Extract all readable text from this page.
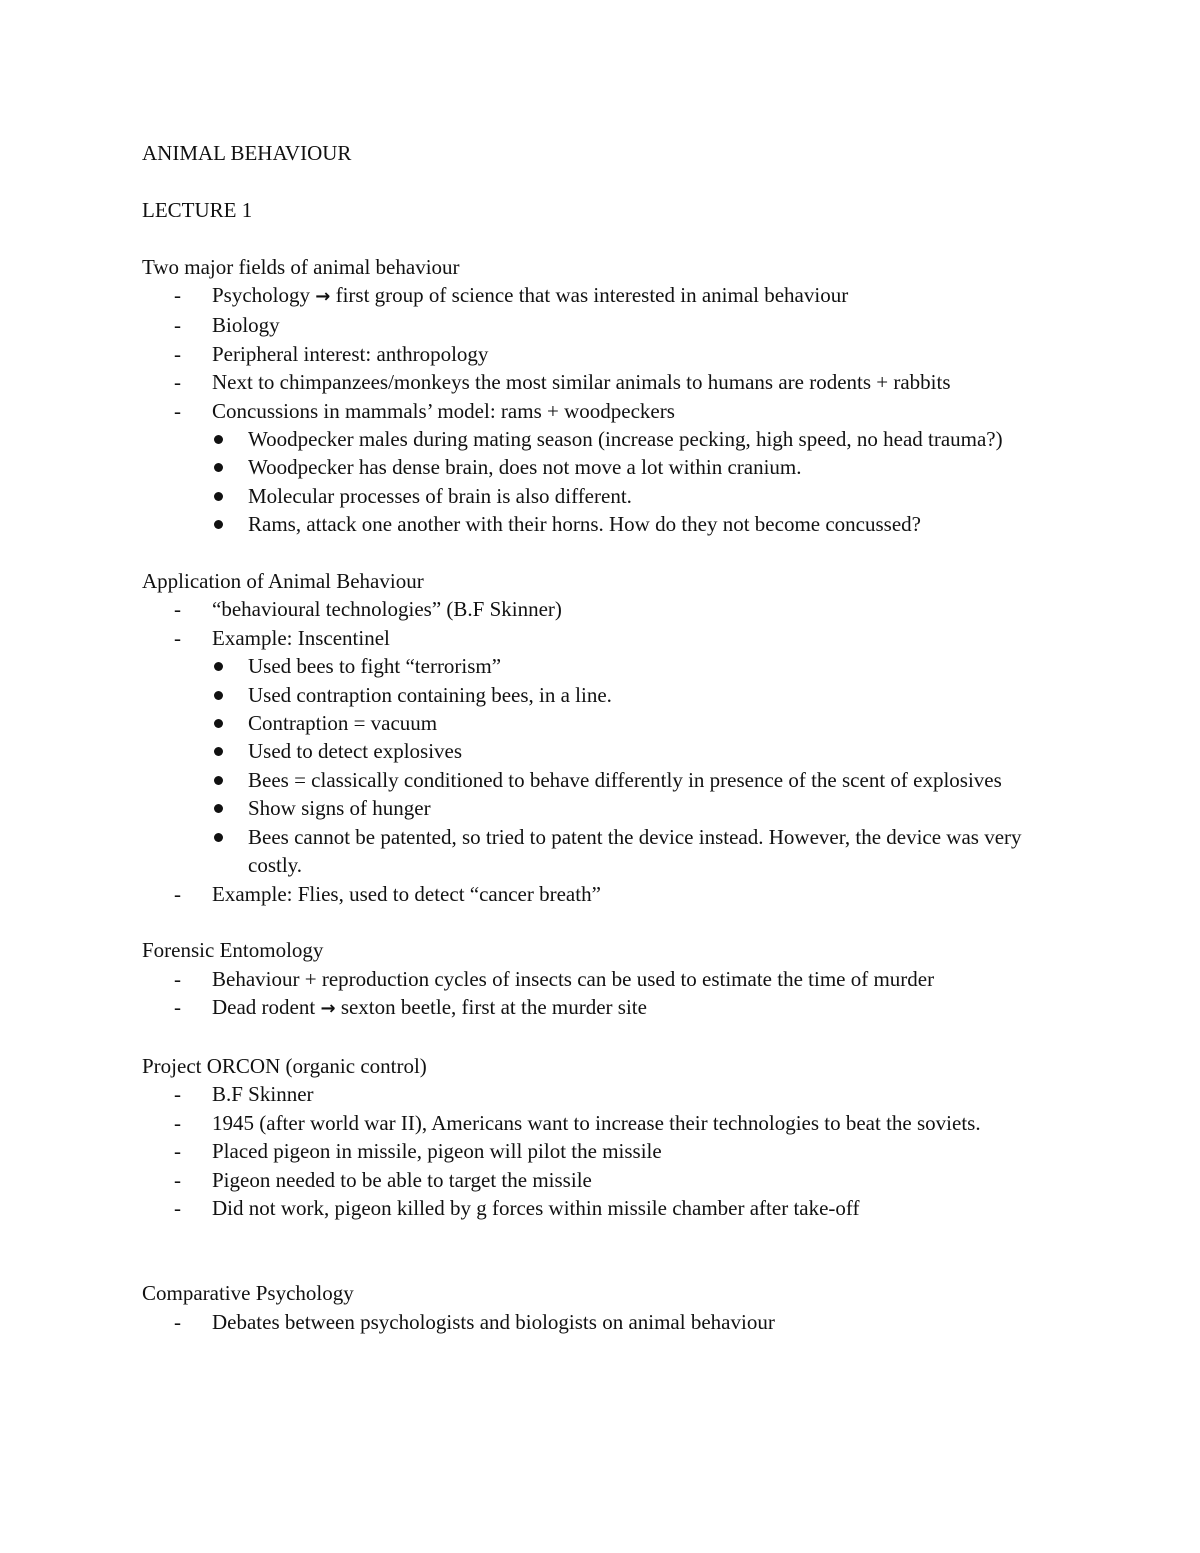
ANIMAL BEHAVIOUR

LECTURE 1

Two major fields of animal behaviour

- Psychology → first group of science that was interested in animal behaviour
- Biology
- Peripheral interest: anthropology
- Next to chimpanzees/monkeys the most similar animals to humans are rodents + rabbits
- Concussions in mammals’ model: rams + woodpeckers
Woodpecker males during mating season (increase pecking, high speed, no head trauma?)
Woodpecker has dense brain, does not move a lot within cranium.
Molecular processes of brain is also different.
Rams, attack one another with their horns. How do they not become concussed?

Application of Animal Behaviour

- “behavioural technologies” (B.F Skinner)
- Example: Inscentinel
Used bees to fight “terrorism”
Used contraption containing bees, in a line.
Contraption = vacuum
Used to detect explosives
Bees = classically conditioned to behave differently in presence of the scent of explosives
Show signs of hunger
Bees cannot be patented, so tried to patent the device instead. However, the device was very costly.
- Example: Flies, used to detect “cancer breath”

Forensic Entomology

- Behaviour + reproduction cycles of insects can be used to estimate the time of murder
- Dead rodent → sexton beetle, first at the murder site

Project ORCON (organic control)

- B.F Skinner
- 1945 (after world war II), Americans want to increase their technologies to beat the soviets.
- Placed pigeon in missile, pigeon will pilot the missile
- Pigeon needed to be able to target the missile
- Did not work, pigeon killed by g forces within missile chamber after take-off

Comparative Psychology

- Debates between psychologists and biologists on animal behaviour
